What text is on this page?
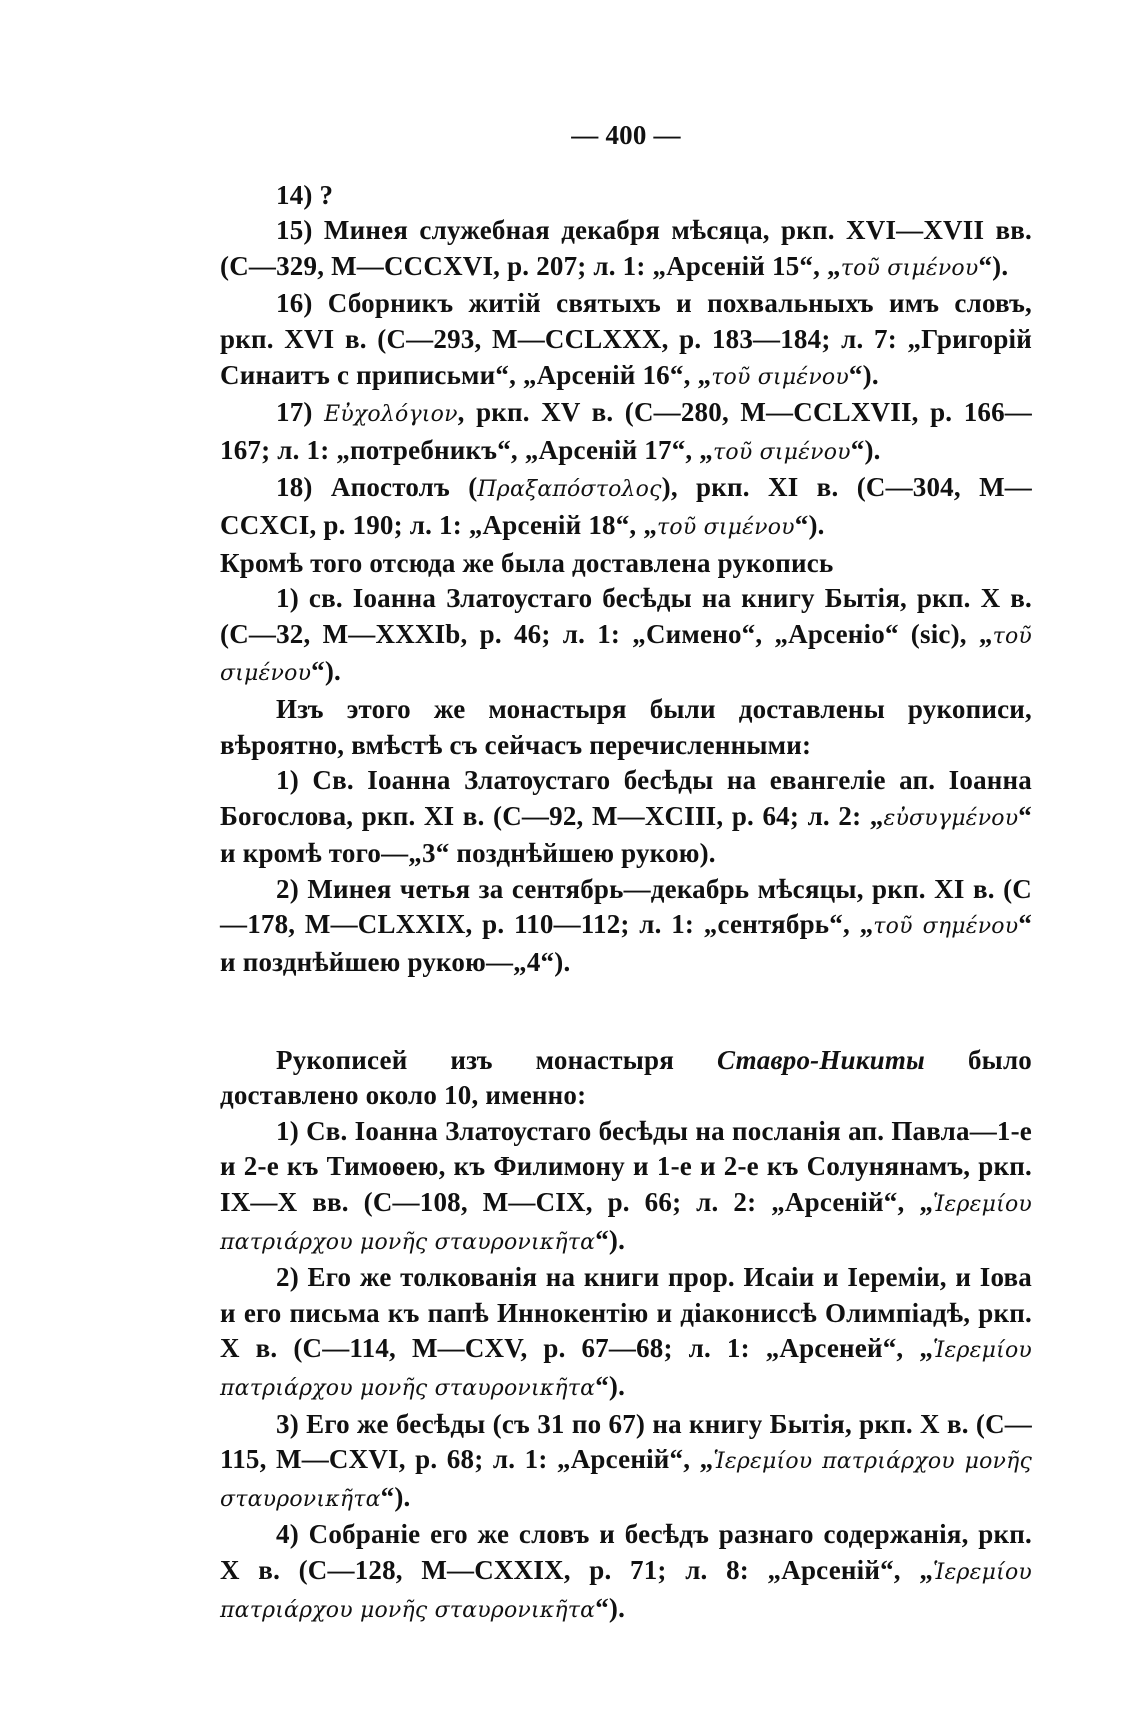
— 400 —

14) ?

15) Минея служебная декабря мѣсяца, ркп. XVI—XVII вв. (С—329, М—CCCXVI, p. 207; л. 1: „Арсеній 15“, „τοῦ σιμένου“).

16) Сборникъ житій святыхъ и похвальныхъ имъ словъ, ркп. XVI в. (С—293, М—CCLXXX, p. 183—184; л. 7: „Григорій Синаитъ с приписьми“, „Арсеній 16“, „τοῦ σιμένου“).

17) Εὐχολόγιον, ркп. XV в. (С—280, М—CCLXVII, p. 166—167; л. 1: „потребникъ“, „Арсеній 17“, „τοῦ σιμένου“).

18) Апостолъ (Πραξαπόστολος), ркп. XI в. (С—304, М—CCXCI, p. 190; л. 1: „Арсеній 18“, „τοῦ σιμένου“).

Кромѣ того отсюда же была доставлена рукопись

1) св. Іоанна Златоустаго бесѣды на книгу Бытія, ркп. X в. (С—32, М—XXXIb, p. 46; л. 1: „Симено“, „Арсеніо“ (sic), „τοῦ σιμένου“).

Изъ этого же монастыря были доставлены рукописи, вѣроятно, вмѣстѣ съ сейчасъ перечисленными:

1) Св. Іоанна Златоустаго бесѣды на евангеліе ап. Іоанна Богослова, ркп. XI в. (С—92, М—XCIII, p. 64; л. 2: „εὐσυγμένου“ и кромѣ того—„3“ позднѣйшею рукою).

2) Минея четья за сентябрь—декабрь мѣсяцы, ркп. XI в. (С—178, М—CLXXIX, p. 110—112; л. 1: „сентябрь“, „τοῦ σημένου“ и позднѣйшею рукою—„4“).

Рукописей изъ монастыря Ставро-Никиты было доставлено около 10, именно:

1) Св. Іоанна Златоустаго бесѣды на посланія ап. Павла—1-е и 2-е къ Тимоѳею, къ Филимону и 1-е и 2-е къ Солунянамъ, ркп. IX—X вв. (С—108, М—CIX, p. 66; л. 2: „Арсеній“, „Ἱερεμίου πατριάρχου μονῆς σταυρονικῆτα“).

2) Его же толкованія на книги прор. Исаіи и Іереміи, и Іова и его письма къ папѣ Иннокентію и діакониссѣ Олимпіадѣ, ркп. X в. (С—114, М—CXV, p. 67—68; л. 1: „Арсеней“, „Ἱερεμίου πατριάρχου μονῆς σταυρονικῆτα“).

3) Его же бесѣды (съ 31 по 67) на книгу Бытія, ркп. X в. (С—115, М—CXVI, p. 68; л. 1: „Арсеній“, „Ἱερεμίου πατριάρχου μονῆς σταυρονικῆτα“).

4) Собраніе его же словъ и бесѣдъ разнаго содержанія, ркп. X в. (С—128, М—CXXIX, p. 71; л. 8: „Арсеній“, „Ἱερεμίου πατριάρχου μονῆς σταυρονικῆτα“).
